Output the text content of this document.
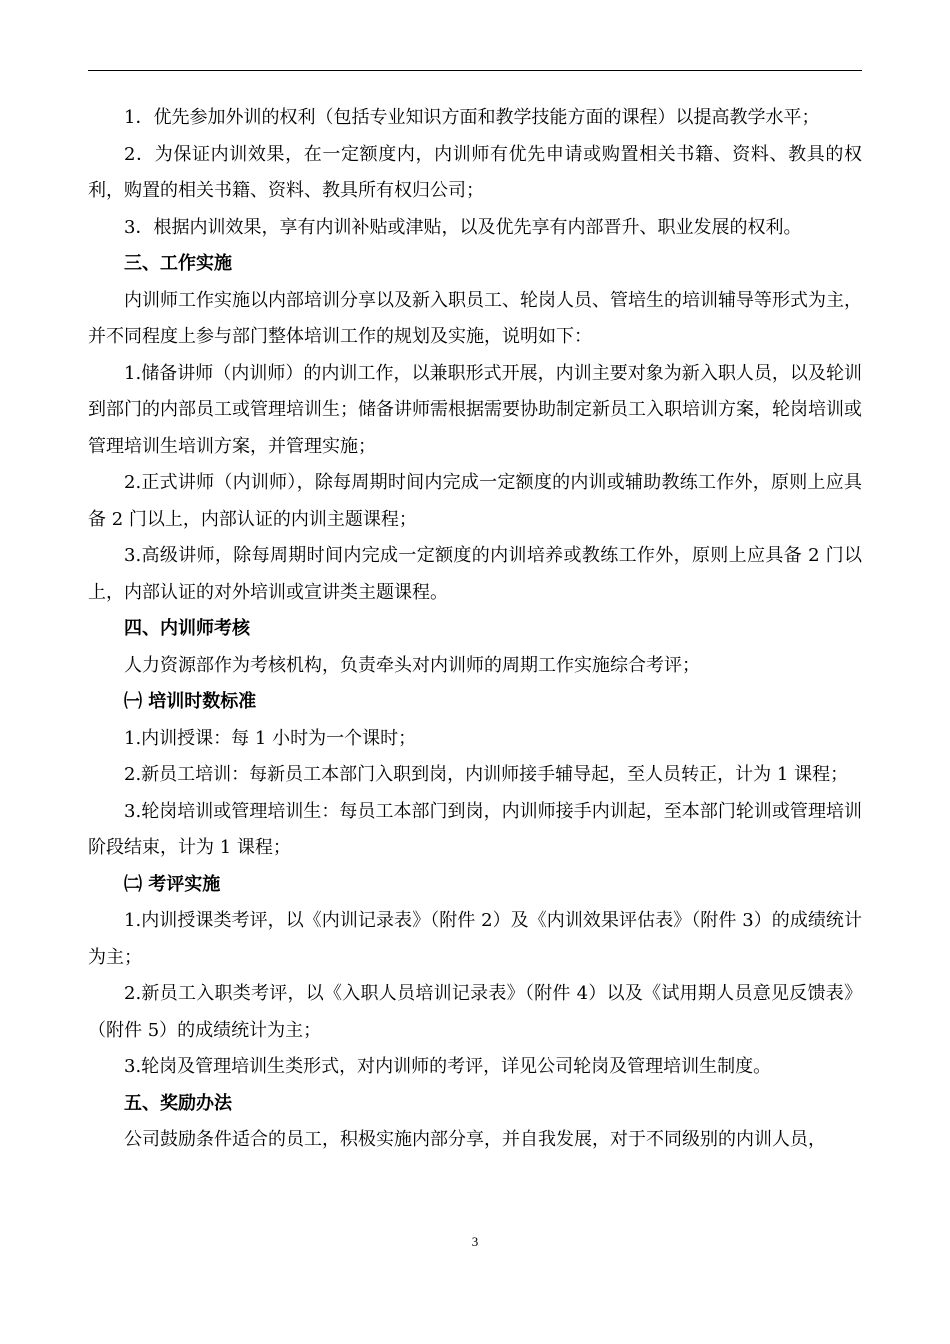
1．优先参加外训的权利（包括专业知识方面和教学技能方面的课程）以提高教学水平；

2．为保证内训效果，在一定额度内，内训师有优先申请或购置相关书籍、资料、教具的权利，购置的相关书籍、资料、教具所有权归公司；

3．根据内训效果，享有内训补贴或津贴，以及优先享有内部晋升、职业发展的权利。

三、工作实施

内训师工作实施以内部培训分享以及新入职员工、轮岗人员、管培生的培训辅导等形式为主，并不同程度上参与部门整体培训工作的规划及实施，说明如下：

1.储备讲师（内训师）的内训工作，以兼职形式开展，内训主要对象为新入职人员，以及轮训到部门的内部员工或管理培训生；储备讲师需根据需要协助制定新员工入职培训方案，轮岗培训或管理培训生培训方案，并管理实施；

2.正式讲师（内训师），除每周期时间内完成一定额度的内训或辅助教练工作外，原则上应具备 2 门以上，内部认证的内训主题课程；

3.高级讲师，除每周期时间内完成一定额度的内训培养或教练工作外，原则上应具备 2 门以上，内部认证的对外培训或宣讲类主题课程。

四、内训师考核

人力资源部作为考核机构，负责牵头对内训师的周期工作实施综合考评；

㈠ 培训时数标准

1.内训授课：每 1 小时为一个课时；

2.新员工培训：每新员工本部门入职到岗，内训师接手辅导起，至人员转正，计为 1 课程；

3.轮岗培训或管理培训生：每员工本部门到岗，内训师接手内训起，至本部门轮训或管理培训阶段结束，计为 1 课程；

㈡ 考评实施

1.内训授课类考评，以《内训记录表》（附件 2）及《内训效果评估表》（附件 3）的成绩统计为主；

2.新员工入职类考评，以《入职人员培训记录表》（附件 4）以及《试用期人员意见反馈表》（附件 5）的成绩统计为主；

3.轮岗及管理培训生类形式，对内训师的考评，详见公司轮岗及管理培训生制度。

五、奖励办法

公司鼓励条件适合的员工，积极实施内部分享，并自我发展，对于不同级别的内训人员，

3
